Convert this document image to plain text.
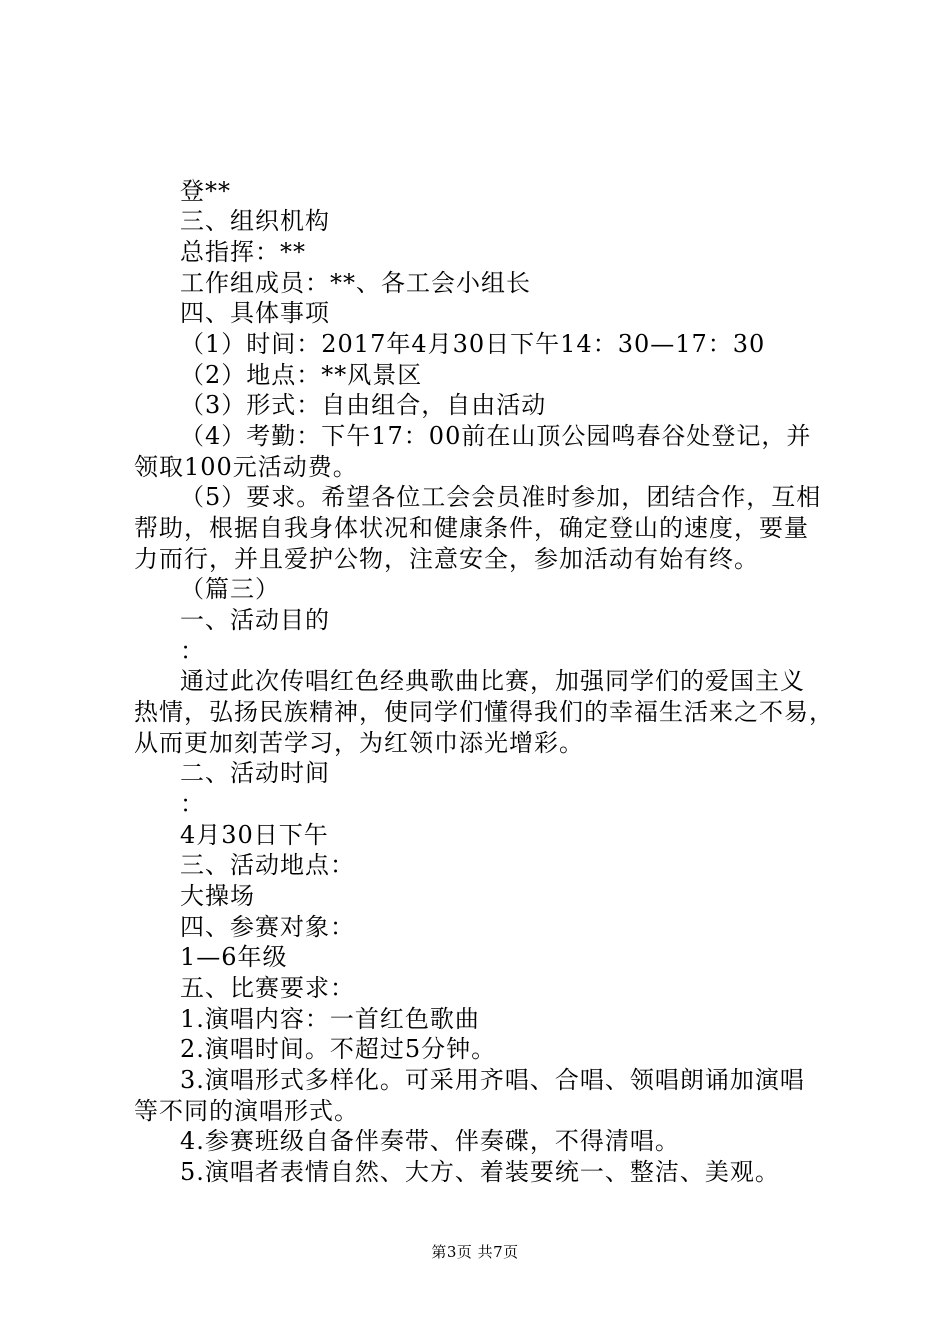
登**
三、组织机构
总指挥：**
工作组成员：**、各工会小组长
四、具体事项
（1）时间：2017年4月30日下午14：30—17：30
（2）地点：**风景区
（3）形式：自由组合，自由活动
（4）考勤：下午17：00前在山顶公园鸣春谷处登记，并
领取100元活动费。
（5）要求。希望各位工会会员准时参加，团结合作，互相
帮助，根据自我身体状况和健康条件，确定登山的速度，要量
力而行，并且爱护公物，注意安全，参加活动有始有终。
（篇三）
一、活动目的
：
通过此次传唱红色经典歌曲比赛，加强同学们的爱国主义
热情，弘扬民族精神，使同学们懂得我们的幸福生活来之不易，
从而更加刻苦学习，为红领巾添光增彩。
二、活动时间
：
4月30日下午
三、活动地点：
大操场
四、参赛对象：
1—6年级
五、比赛要求：
1.演唱内容：一首红色歌曲
2.演唱时间。不超过5分钟。
3.演唱形式多样化。可采用齐唱、合唱、领唱朗诵加演唱
等不同的演唱形式。
4.参赛班级自备伴奏带、伴奏碟，不得清唱。
5.演唱者表情自然、大方、着装要统一、整洁、美观。
第3页 共7页
